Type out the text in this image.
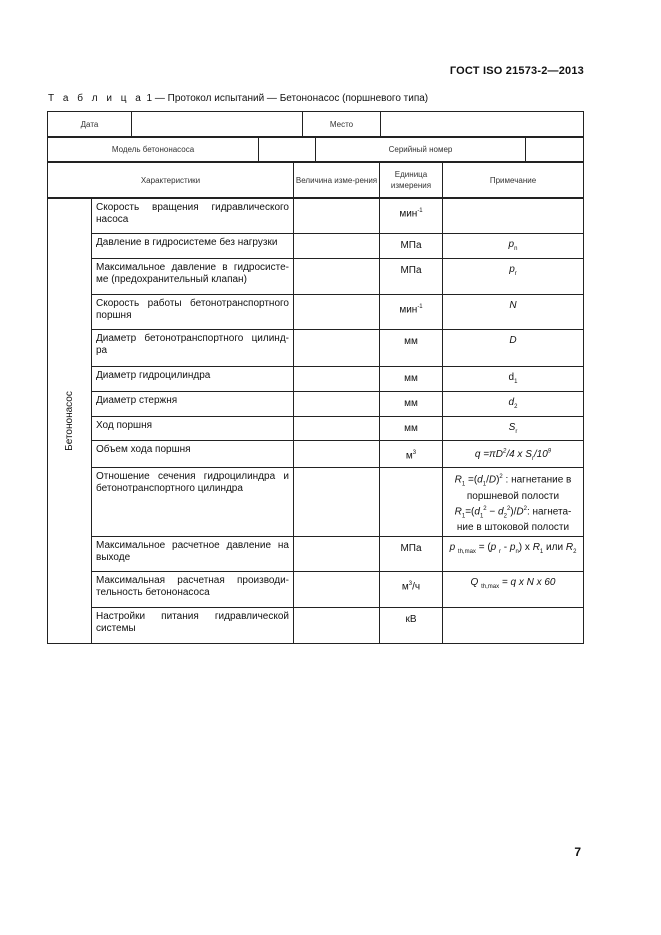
ГОСТ ISO 21573-2—2013
Т а б л и ц а 1 — Протокол испытаний — Бетононасос (поршневого типа)
Дата		Место	
Модель бетононасоса		Серийный номер	
Характеристики	Величина изме-рения	Единица измерения	Примечание
Бетононасос	Скорость вращения гидравлического насоса		мин$^{-1}$	
	Давление в гидросистеме без нагрузки		МПа	$p_n$
	Максимальное давление в гидросисте-ме (предохранительный клапан)		МПа	$p_r$
	Скорость работы бетонотранспортного поршня		мин$^{-1}$	N
	Диаметр бетонотранспортного цилинд-ра		мм	D
	Диаметр гидроцилиндра		мм	$d_1$
	Диаметр стержня		мм	$d_2$
	Ход поршня		мм	$S_r$
	Объем хода поршня		$м^3$	$q =\pi D^2/4$ x $S_r/10^9$
	Отношение сечения гидроцилиндра и бетонотранспортного цилиндра			$R_1 =(d_1/D)^2$ : нагнетание в поршневой полости
$R_1=(d_1^2 - d_2^2)/D^2$: нагнета-ние в штоковой полости
	Максимальное расчетное давление на выходе		МПа	p $_{th,max}$ = (p $_r - p_n$) x $R_1$ или $R_2$
	Максимальная расчетная производи-тельность бетононасоса		$м^3/ч$	Q $_{th,max}$ = q x N x 60
	Настройки питания гидравлической системы		кВ	
7
